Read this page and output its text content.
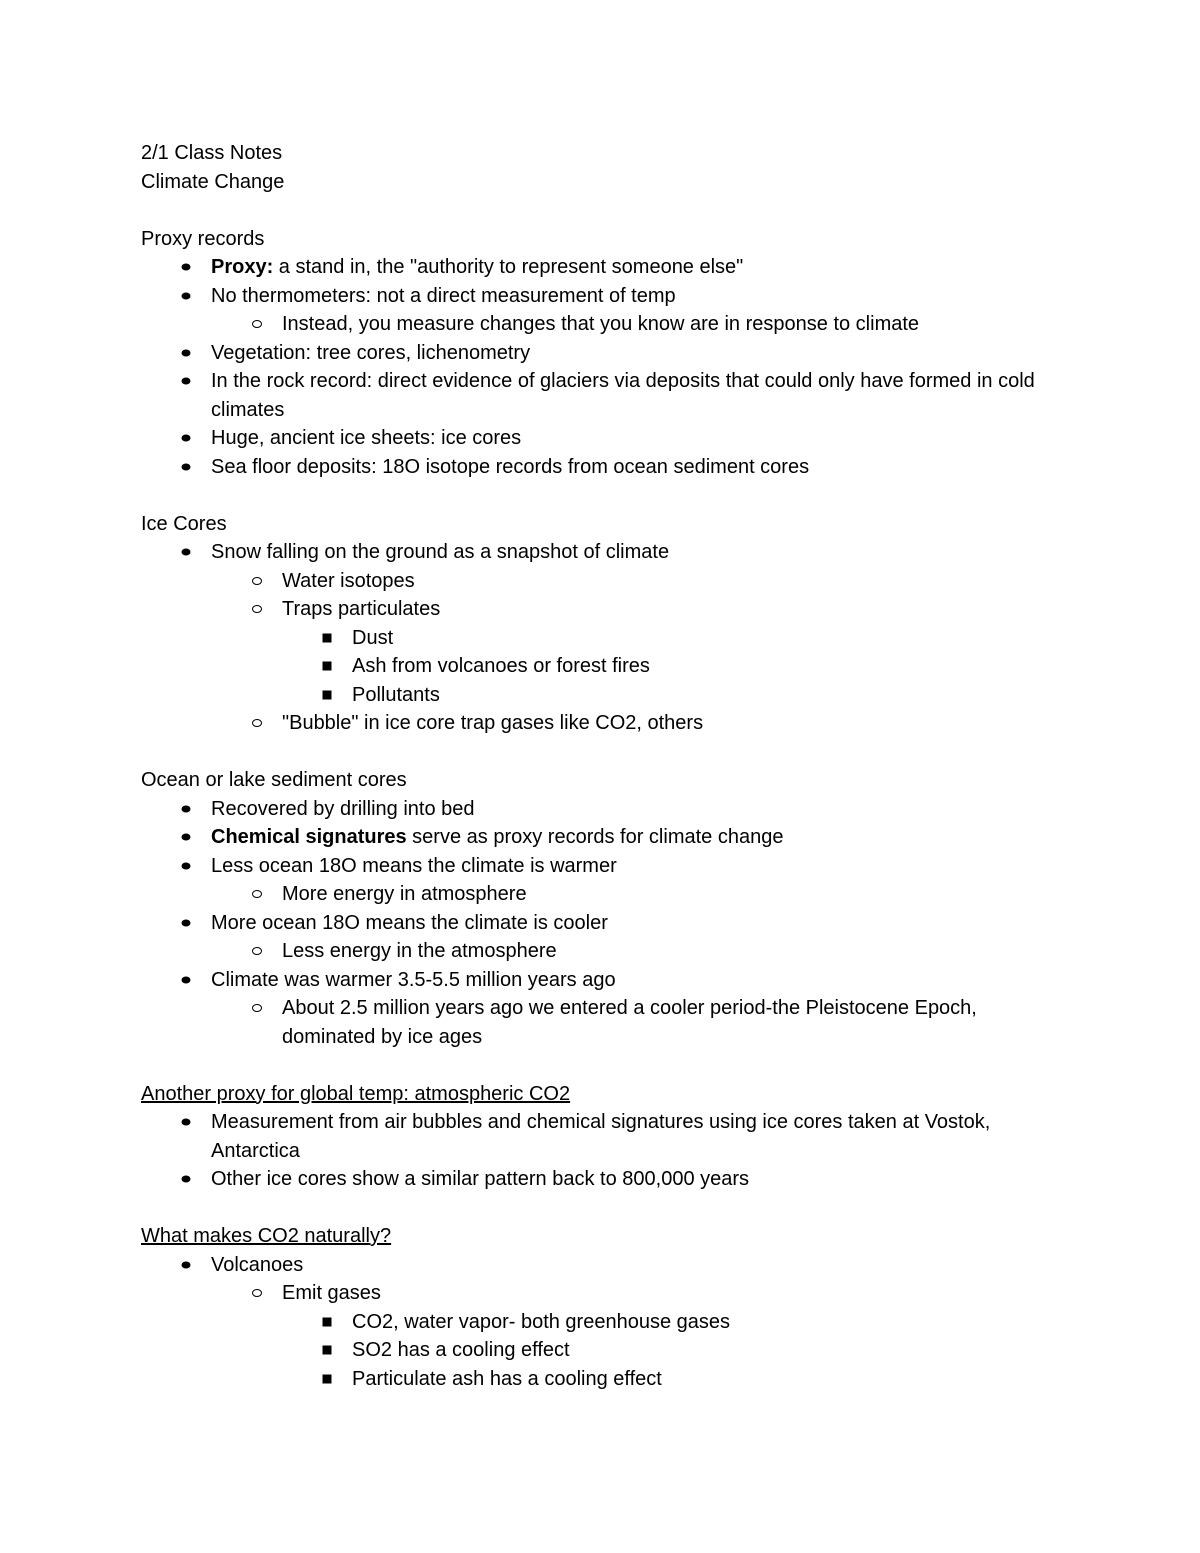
2/1 Class Notes

Climate Change

Proxy records

Proxy: a stand in, the "authority to represent someone else"
No thermometers: not a direct measurement of temp
Instead, you measure changes that you know are in response to climate
Vegetation: tree cores, lichenometry
In the rock record: direct evidence of glaciers via deposits that could only have formed in cold climates
Huge, ancient ice sheets: ice cores
Sea floor deposits: 18O isotope records from ocean sediment cores

Ice Cores

Snow falling on the ground as a snapshot of climate
Water isotopes
Traps particulates
Dust
Ash from volcanoes or forest fires
Pollutants
"Bubble" in ice core trap gases like CO2, others

Ocean or lake sediment cores

Recovered by drilling into bed
Chemical signatures serve as proxy records for climate change
Less ocean 18O means the climate is warmer
More energy in atmosphere
More ocean 18O means the climate is cooler
Less energy in the atmosphere
Climate was warmer 3.5-5.5 million years ago
About 2.5 million years ago we entered a cooler period-the Pleistocene Epoch, dominated by ice ages

Another proxy for global temp: atmospheric CO2

Measurement from air bubbles and chemical signatures using ice cores taken at Vostok, Antarctica
Other ice cores show a similar pattern back to 800,000 years

What makes CO2 naturally?

Volcanoes
Emit gases
CO2, water vapor- both greenhouse gases
SO2 has a cooling effect
Particulate ash has a cooling effect
